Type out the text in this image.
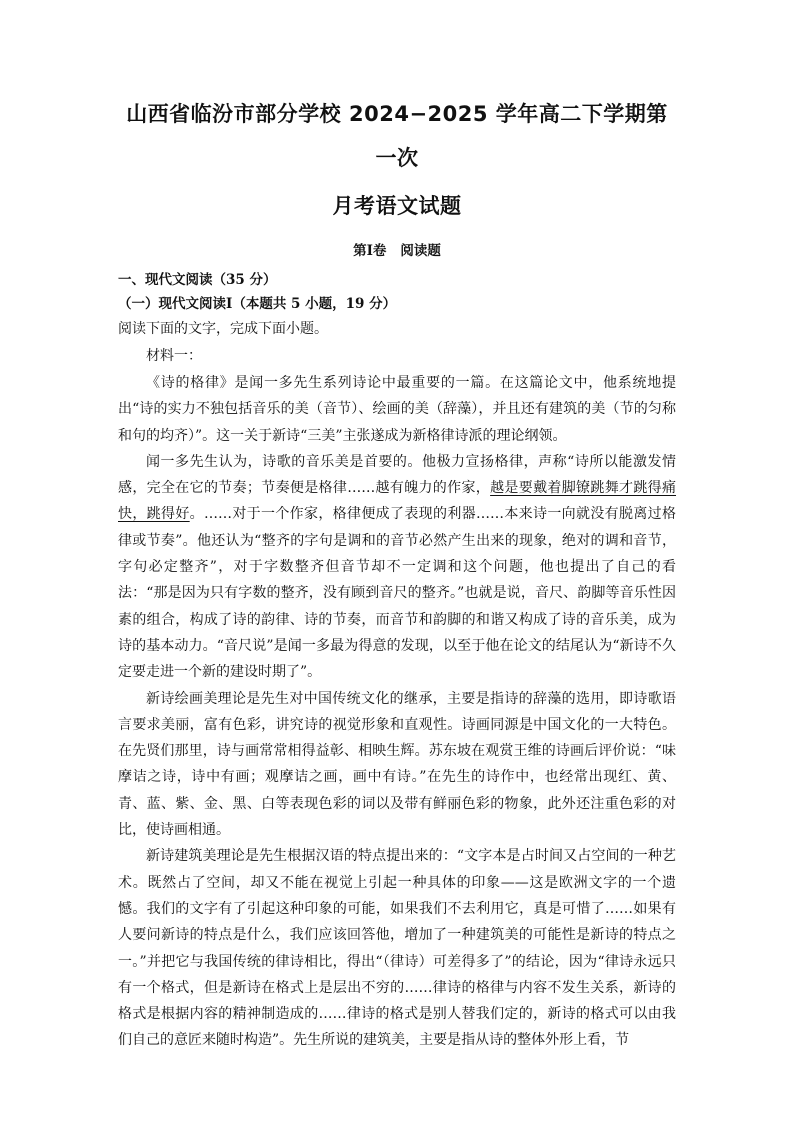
山西省临汾市部分学校 2024−2025 学年高二下学期第一次

月考语文试题

第Ⅰ卷 阅读题

一、现代文阅读（35 分）

（一）现代文阅读Ⅰ（本题共 5 小题，19 分）

阅读下面的文字，完成下面小题。

材料一：

《诗的格律》是闻一多先生系列诗论中最重要的一篇。在这篇论文中，他系统地提出“诗的实力不独包括音乐的美（音节）、绘画的美（辞藻），并且还有建筑的美（节的匀称和句的均齐）”。这一关于新诗“三美”主张遂成为新格律诗派的理论纲领。

闻一多先生认为，诗歌的音乐美是首要的。他极力宣扬格律，声称“诗所以能激发情感，完全在它的节奏；节奏便是格律……越有魄力的作家，越是要戴着脚镣跳舞才跳得痛快，跳得好。……对于一个作家，格律便成了表现的利器……本来诗一向就没有脱离过格律或节奏”。他还认为“整齐的字句是调和的音节必然产生出来的现象，绝对的调和音节，字句必定整齐”，对于字数整齐但音节却不一定调和这个问题，他也提出了自己的看法：“那是因为只有字数的整齐，没有顾到音尺的整齐。”也就是说，音尺、韵脚等音乐性因素的组合，构成了诗的韵律、诗的节奏，而音节和韵脚的和谐又构成了诗的音乐美，成为诗的基本动力。“音尺说”是闻一多最为得意的发现，以至于他在论文的结尾认为“新诗不久定要走进一个新的建设时期了”。

新诗绘画美理论是先生对中国传统文化的继承，主要是指诗的辞藻的选用，即诗歌语言要求美丽，富有色彩，讲究诗的视觉形象和直观性。诗画同源是中国文化的一大特色。在先贤们那里，诗与画常常相得益彰、相映生辉。苏东坡在观赏王维的诗画后评价说：“味摩诘之诗，诗中有画；观摩诘之画，画中有诗。”在先生的诗作中，也经常出现红、黄、青、蓝、紫、金、黑、白等表现色彩的词以及带有鲜丽色彩的物象，此外还注重色彩的对比，使诗画相通。

新诗建筑美理论是先生根据汉语的特点提出来的：“文字本是占时间又占空间的一种艺术。既然占了空间，却又不能在视觉上引起一种具体的印象——这是欧洲文字的一个遗憾。我们的文字有了引起这种印象的可能，如果我们不去利用它，真是可惜了……如果有人要问新诗的特点是什么，我们应该回答他，增加了一种建筑美的可能性是新诗的特点之一。”并把它与我国传统的律诗相比，得出“（律诗）可差得多了”的结论，因为“律诗永远只有一个格式，但是新诗在格式上是层出不穷的……律诗的格律与内容不发生关系，新诗的格式是根据内容的精神制造成的……律诗的格式是别人替我们定的，新诗的格式可以由我们自己的意匠来随时构造”。先生所说的建筑美，主要是指从诗的整体外形上看，节
